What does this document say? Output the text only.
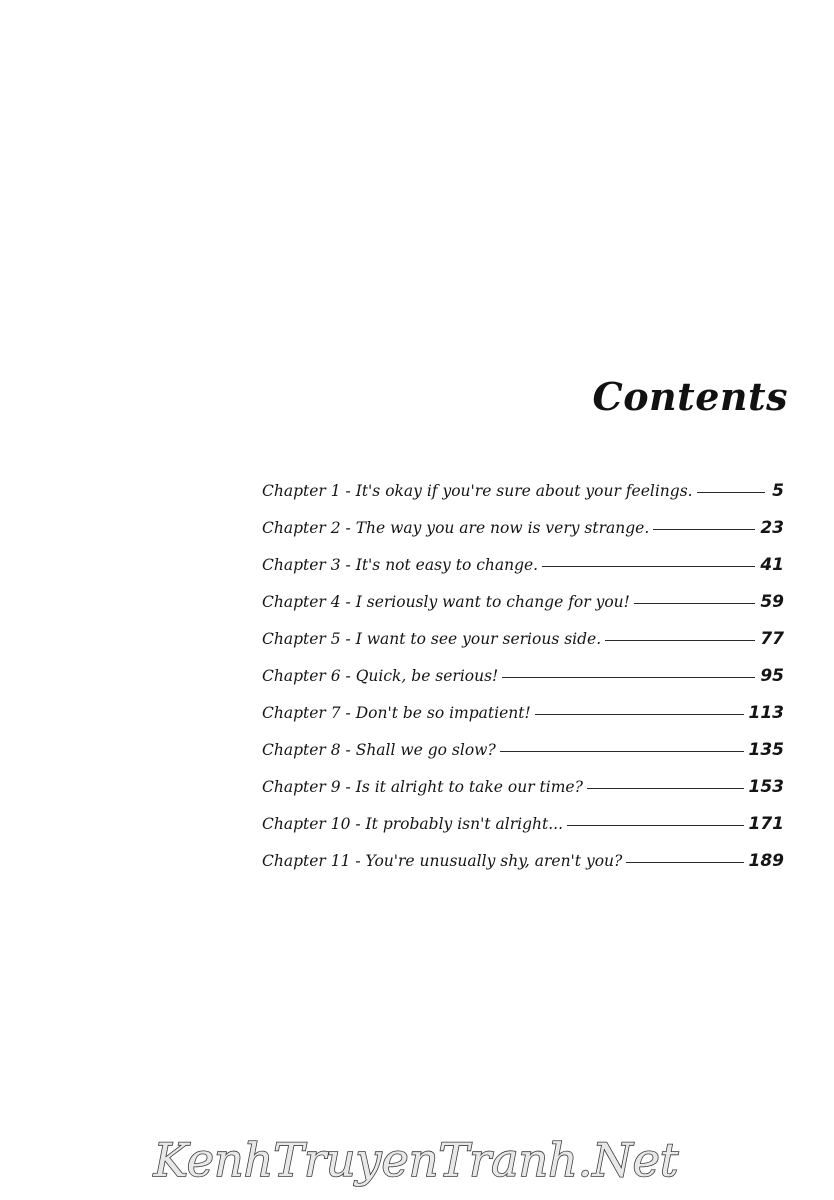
Contents
Chapter 1 - It's okay if you're sure about your feelings.	5
Chapter 2 - The way you are now is very strange.	23
Chapter 3 - It's not easy to change.	41
Chapter 4 - I seriously want to change for you!	59
Chapter 5 - I want to see your serious side.	77
Chapter 6 - Quick, be serious!	95
Chapter 7 - Don't be so impatient!	113
Chapter 8 - Shall we go slow?	135
Chapter 9 - Is it alright to take our time?	153
Chapter 10 - It probably isn't alright...	171
Chapter 11 - You're unusually shy, aren't you?	189
KenhTruyenTranh.Net
